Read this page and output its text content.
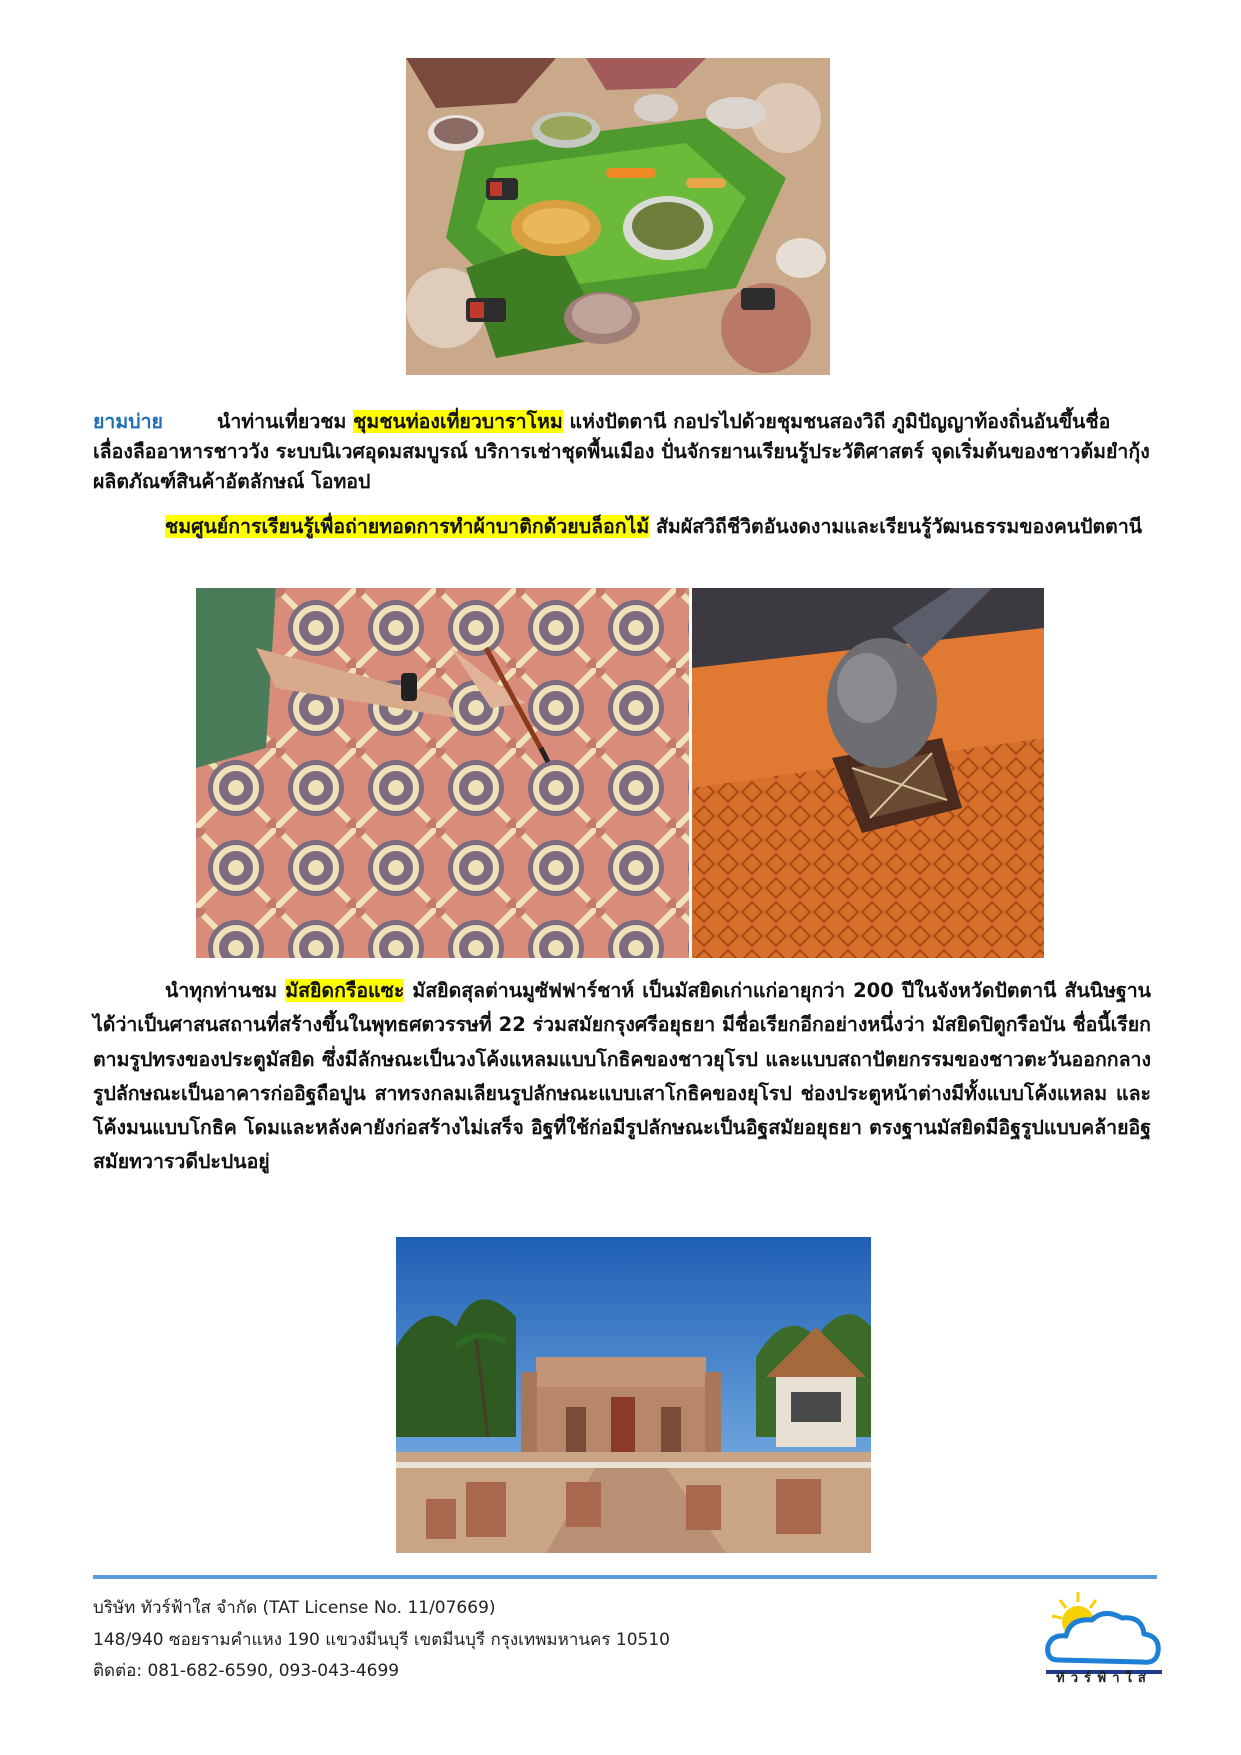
ยามบ่าย	นำท่านเที่ยวชม ชุมชนท่องเที่ยวบาราโหม แห่งปัตตานี กอปรไปด้วยชุมชนสองวิถี ภูมิปัญญาท้องถิ่นอันขึ้นชื่อ เลื่องลืออาหารชาววัง ระบบนิเวศอุดมสมบูรณ์ บริการเช่าชุดพื้นเมือง ปั่นจักรยานเรียนรู้ประวัติศาสตร์ จุดเริ่มต้นของชาวต้มยำกุ้ง ผลิตภัณฑ์สินค้าอัตลักษณ์ โอทอป

ชมศูนย์การเรียนรู้เพื่อถ่ายทอดการทำผ้าบาติกด้วยบล็อกไม้ สัมผัสวิถีชีวิตอันงดงามและเรียนรู้วัฒนธรรมของคนปัตตานี

นำทุกท่านชม มัสยิดกรือแซะ มัสยิดสุลต่านมูซัฟฟาร์ชาห์ เป็นมัสยิดเก่าแก่อายุกว่า 200 ปีในจังหวัดปัตตานี สันนิษฐานได้ว่าเป็นศาสนสถานที่สร้างขึ้นในพุทธศตวรรษที่ 22 ร่วมสมัยกรุงศรีอยุธยา มีชื่อเรียกอีกอย่างหนึ่งว่า มัสยิดปิตูกรือบัน ชื่อนี้เรียกตามรูปทรงของประตูมัสยิด ซึ่งมีลักษณะเป็นวงโค้งแหลมแบบโกธิคของชาวยุโรป และแบบสถาปัตยกรรมของชาวตะวันออกกลาง รูปลักษณะเป็นอาคารก่ออิฐถือปูน สาทรงกลมเลียนรูปลักษณะแบบเสาโกธิคของยุโรป ช่องประตูหน้าต่างมีทั้งแบบโค้งแหลม และโค้งมนแบบโกธิค โดมและหลังคายังก่อสร้างไม่เสร็จ อิฐที่ใช้ก่อมีรูปลักษณะเป็นอิฐสมัยอยุธยา ตรงฐานมัสยิดมีอิฐรูปแบบคล้ายอิฐสมัยทวารวดีปะปนอยู่

บริษัท ทัวร์ฟ้าใส จำกัด (TAT License No. 11/07669)
148/940 ซอยรามคำแหง 190 แขวงมีนบุรี เขตมีนบุรี กรุงเทพมหานคร 10510
ติดต่อ: 081-682-6590, 093-043-4699	ทัวร์ฟ้าใส
